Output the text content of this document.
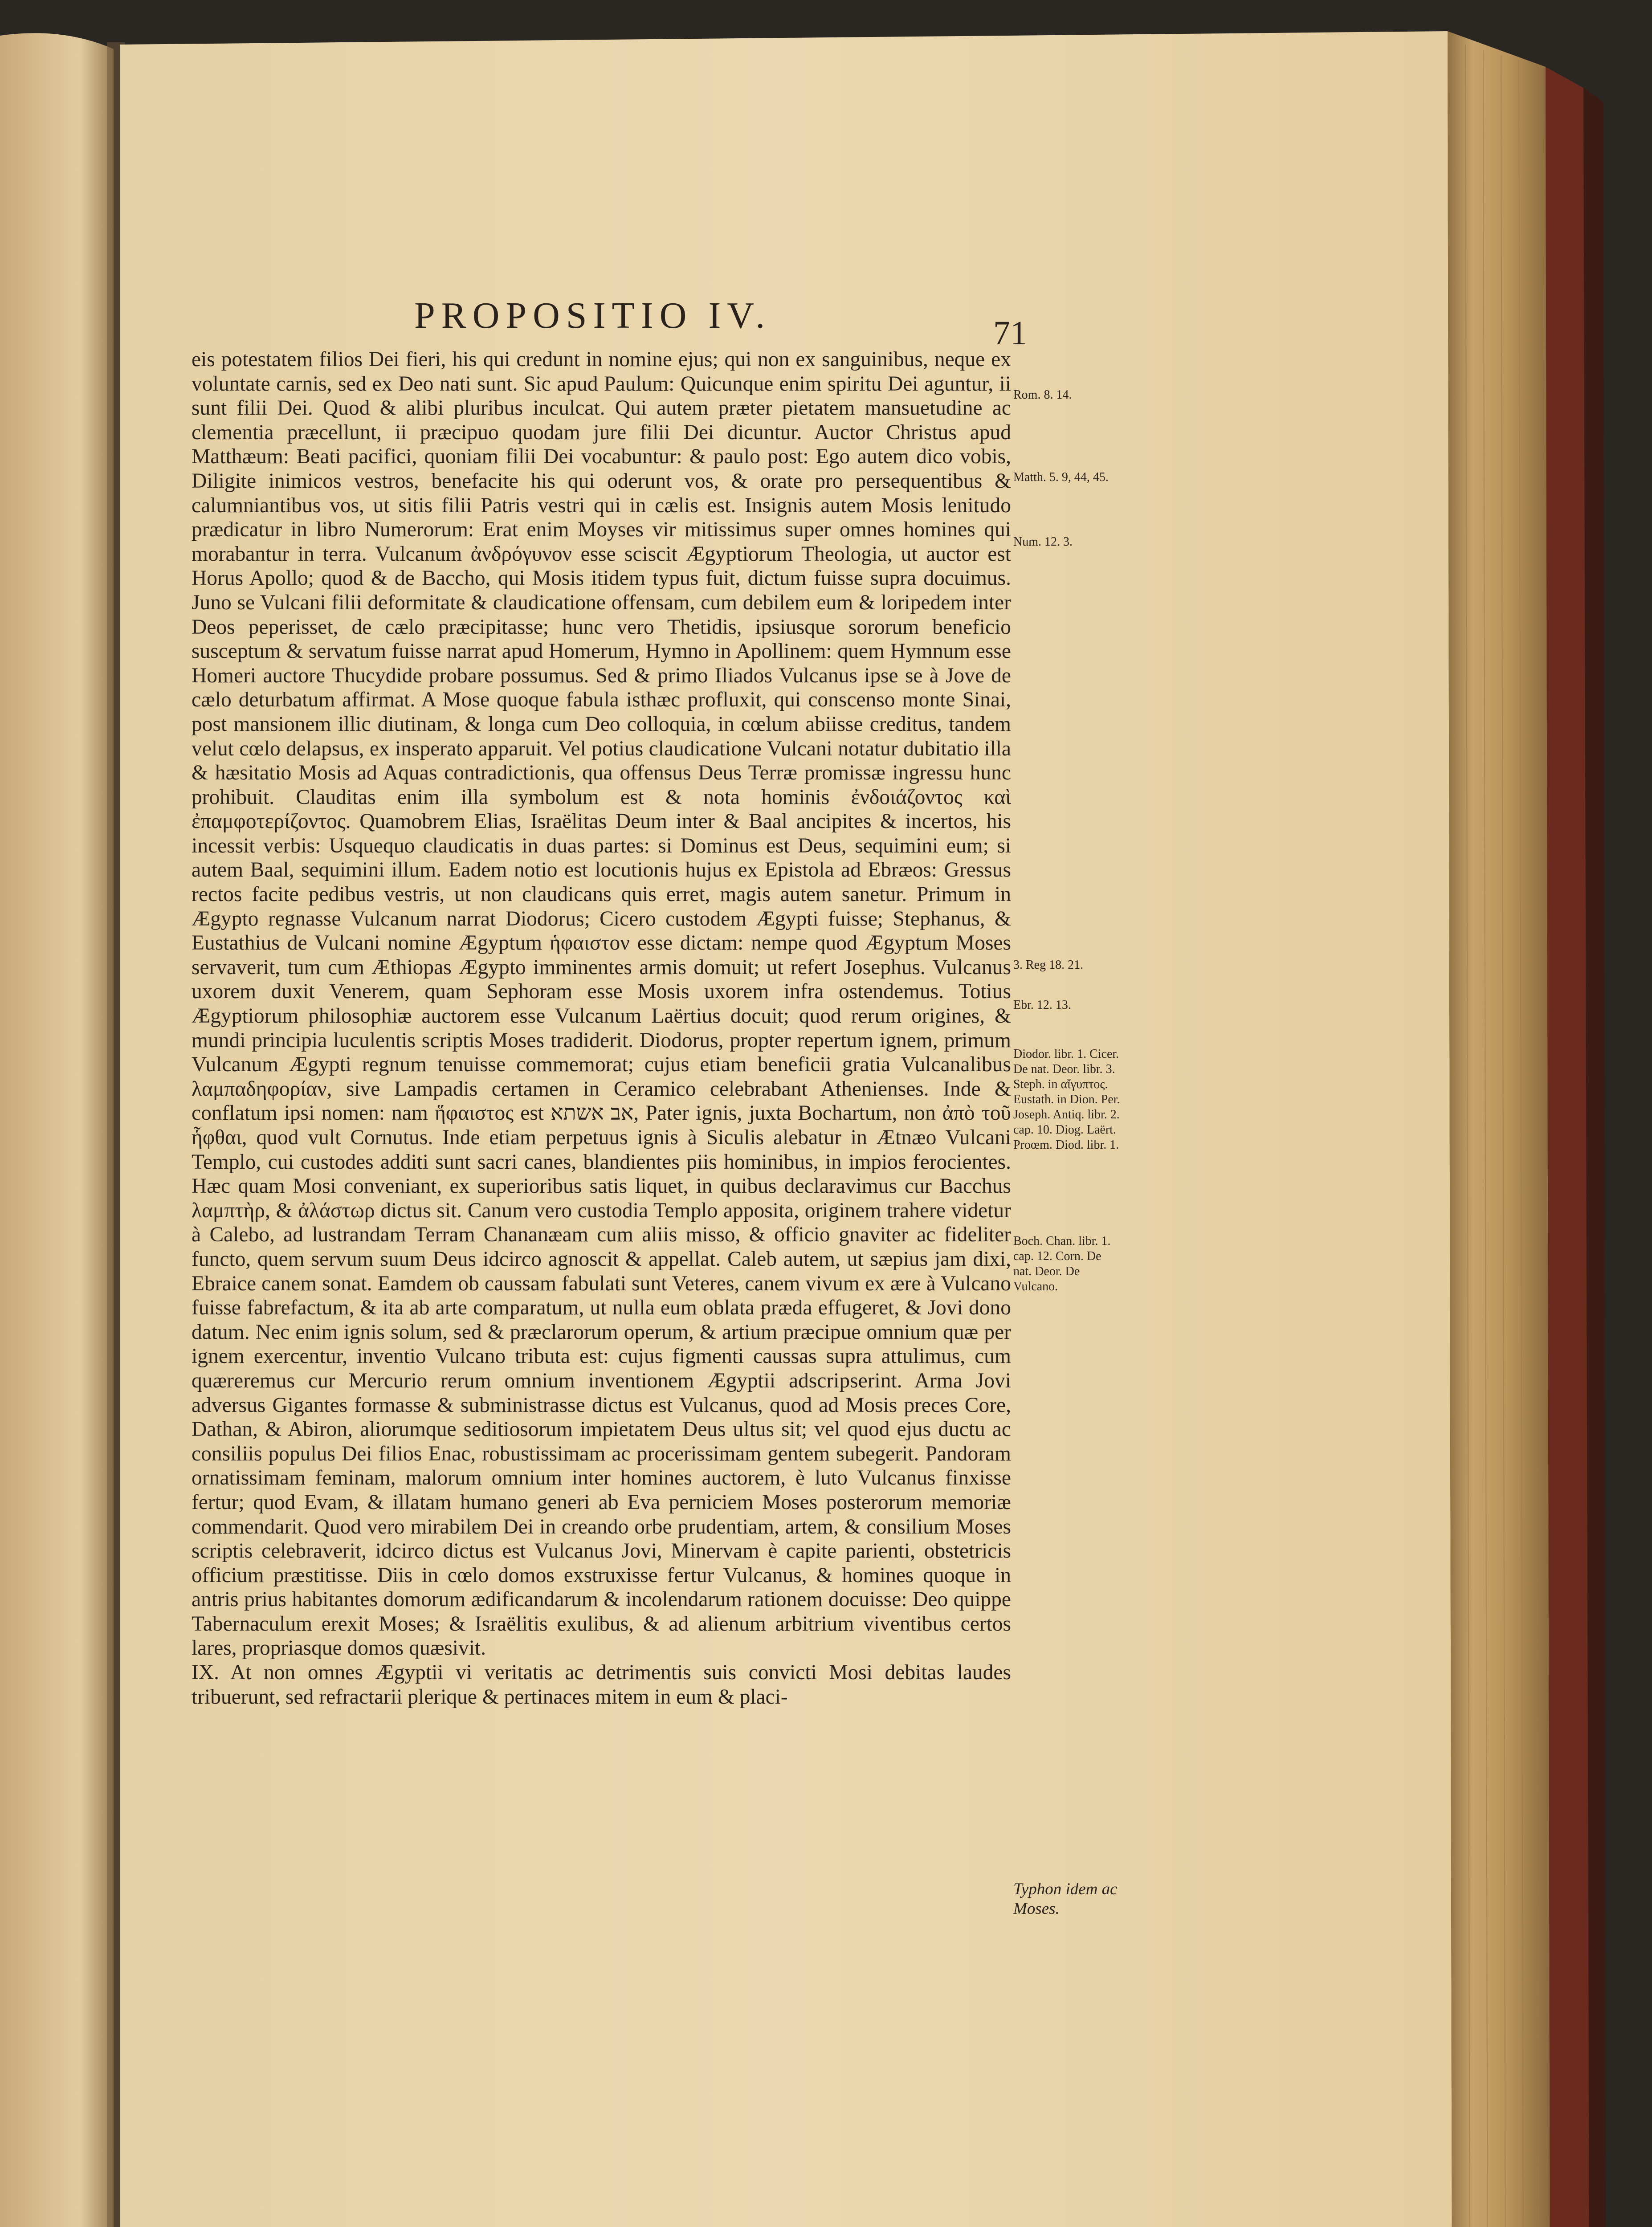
PROPOSITIO IV.	71

eis potestatem filios Dei fieri, his qui credunt in nomine ejus; qui non ex sanguinibus, neque ex voluntate carnis, sed ex Deo nati sunt. Sic apud Paulum: Quicunque enim spiritu Dei aguntur, ii sunt filii Dei. Quod & alibi pluribus inculcat. Qui autem præter pietatem mansuetudine ac clementia præcellunt, ii præcipuo quodam jure filii Dei dicuntur. Auctor Christus apud Matthæum: Beati pacifici, quoniam filii Dei vocabuntur: & paulo post: Ego autem dico vobis, Diligite inimicos vestros, benefacite his qui oderunt vos, & orate pro persequentibus & calumniantibus vos, ut sitis filii Patris vestri qui in cælis est. Insignis autem Mosis lenitudo prædicatur in libro Numerorum: Erat enim Moyses vir mitissimus super omnes homines qui morabantur in terra. Vulcanum ἀνδρόγυνον esse sciscit Ægyptiorum Theologia, ut auctor est Horus Apollo; quod & de Baccho, qui Mosis itidem typus fuit, dictum fuisse supra docuimus. Juno se Vulcani filii deformitate & claudicatione offensam, cum debilem eum & loripedem inter Deos peperisset, de cælo præcipitasse; hunc vero Thetidis, ipsiusque sororum beneficio susceptum & servatum fuisse narrat apud Homerum, Hymno in Apollinem: quem Hymnum esse Homeri auctore Thucydide probare possumus. Sed & primo Iliados Vulcanus ipse se à Jove de cælo deturbatum affirmat. A Mose quoque fabula isthæc profluxit, qui conscenso monte Sinai, post mansionem illic diutinam, & longa cum Deo colloquia, in cœlum abiisse creditus, tandem velut cœlo delapsus, ex insperato apparuit. Vel potius claudicatione Vulcani notatur dubitatio illa & hæsitatio Mosis ad Aquas contradictionis, qua offensus Deus Terræ promissæ ingressu hunc prohibuit. Clauditas enim illa symbolum est & nota hominis ἐνδοιάζοντος καὶ ἐπαμφοτερίζοντος. Quamobrem Elias, Israëlitas Deum inter & Baal ancipites & incertos, his incessit verbis: Usquequo claudicatis in duas partes: si Dominus est Deus, sequimini eum; si autem Baal, sequimini illum. Eadem notio est locutionis hujus ex Epistola ad Ebræos: Gressus rectos facite pedibus vestris, ut non claudicans quis erret, magis autem sanetur. Primum in Ægypto regnasse Vulcanum narrat Diodorus; Cicero custodem Ægypti fuisse; Stephanus, & Eustathius de Vulcani nomine Ægyptum ἡφαιστον esse dictam: nempe quod Ægyptum Moses servaverit, tum cum Æthiopas Ægypto imminentes armis domuit; ut refert Josephus. Vulcanus uxorem duxit Venerem, quam Sephoram esse Mosis uxorem infra ostendemus. Totius Ægyptiorum philosophiæ auctorem esse Vulcanum Laërtius docuit; quod rerum origines, & mundi principia luculentis scriptis Moses tradiderit. Diodorus, propter repertum ignem, primum Vulcanum Ægypti regnum tenuisse commemorat; cujus etiam beneficii gratia Vulcanalibus λαμπαδηφορίαν, sive Lampadis certamen in Ceramico celebrabant Athenienses. Inde & conflatum ipsi nomen: nam ἥφαιστος est אב אשתא, Pater ignis, juxta Bochartum, non ἀπὸ τοῦ ἧφθαι, quod vult Cornutus. Inde etiam perpetuus ignis à Siculis alebatur in Ætnæo Vulcani Templo, cui custodes additi sunt sacri canes, blandientes piis hominibus, in impios ferocientes. Hæc quam Mosi conveniant, ex superioribus satis liquet, in quibus declaravimus cur Bacchus λαμπτὴρ, & ἀλάστωρ dictus sit. Canum vero custodia Templo apposita, originem trahere videtur à Calebo, ad lustrandam Terram Chananæam cum aliis misso, & officio gnaviter ac fideliter functo, quem servum suum Deus idcirco agnoscit & appellat. Caleb autem, ut sæpius jam dixi, Ebraice canem sonat. Eamdem ob caussam fabulati sunt Veteres, canem vivum ex ære à Vulcano fuisse fabrefactum, & ita ab arte comparatum, ut nulla eum oblata præda effugeret, & Jovi dono datum. Nec enim ignis solum, sed & præclarorum operum, & artium præcipue omnium quæ per ignem exercentur, inventio Vulcano tributa est: cujus figmenti caussas supra attulimus, cum quæreremus cur Mercurio rerum omnium inventionem Ægyptii adscripserint. Arma Jovi adversus Gigantes formasse & subministrasse dictus est Vulcanus, quod ad Mosis preces Core, Dathan, & Abiron, aliorumque seditiosorum impietatem Deus ultus sit; vel quod ejus ductu ac consiliis populus Dei filios Enac, robustissimam ac procerissimam gentem subegerit. Pandoram ornatissimam feminam, malorum omnium inter homines auctorem, è luto Vulcanus finxisse fertur; quod Evam, & illatam humano generi ab Eva perniciem Moses posterorum memoriæ commendarit. Quod vero mirabilem Dei in creando orbe prudentiam, artem, & consilium Moses scriptis celebraverit, idcirco dictus est Vulcanus Jovi, Minervam è capite parienti, obstetricis officium præstitisse. Diis in cœlo domos exstruxisse fertur Vulcanus, & homines quoque in antris prius habitantes domorum ædificandarum & incolendarum rationem docuisse: Deo quippe Tabernaculum erexit Moses; & Israëlitis exulibus, & ad alienum arbitrium viventibus certos lares, propriasque domos quæsivit.

IX. At non omnes Ægyptii vi veritatis ac detrimentis suis convicti Mosi debitas laudes tribuerunt, sed refractarii plerique & pertinaces mitem in eum & placi-

Rom. 8. 14.
Matth. 5. 9, 44, 45.
Num. 12. 3.
3. Reg 18. 21.
Ebr. 12. 13.
Diodor. libr. 1. Cicer. De nat. Deor. libr. 3. Steph. in αἴγυπτος. Eustath. in Dion. Per. Joseph. Antiq. libr. 2. cap. 10. Diog. Laërt. Proœm. Diod. libr. 1.
Boch. Chan. libr. 1. cap. 12. Corn. De nat. Deor. De Vulcano.
Typhon idem ac Moses.
